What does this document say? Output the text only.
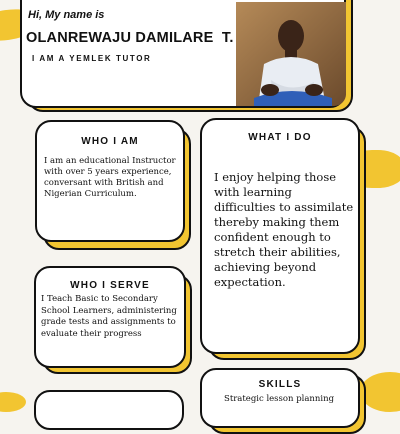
Hi, My name is
OLANREWAJU DAMILARE  T.
I AM A YEMLEK TUTOR
WHO I AM
I am an educational Instructor with over 5 years experience, conversant with British and Nigerian Curriculum.
WHAT I DO
I enjoy helping those with learning difficulties to assimilate thereby making them confident enough to stretch their abilities, achieving beyond expectation.
WHO I SERVE
I Teach Basic to Secondary School Learners, administering grade tests and assignments to evaluate their progress
SKILLS
Strategic lesson planning
